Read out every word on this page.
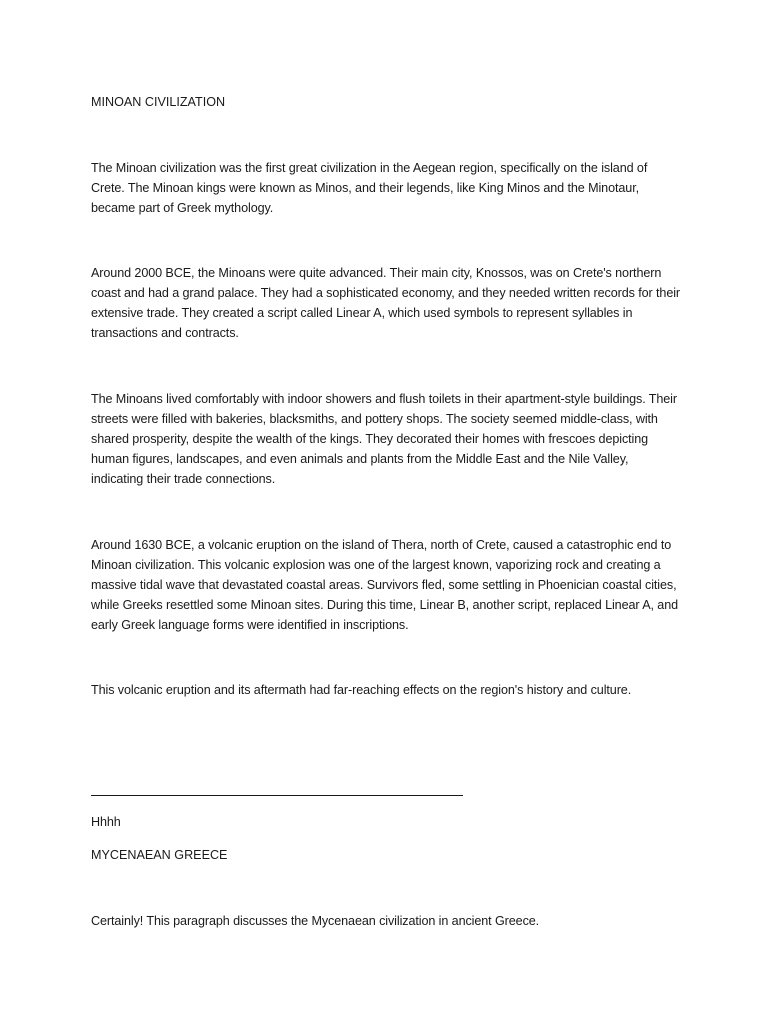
MINOAN CIVILIZATION

The Minoan civilization was the first great civilization in the Aegean region, specifically on the island of Crete. The Minoan kings were known as Minos, and their legends, like King Minos and the Minotaur, became part of Greek mythology.

Around 2000 BCE, the Minoans were quite advanced. Their main city, Knossos, was on Crete's northern coast and had a grand palace. They had a sophisticated economy, and they needed written records for their extensive trade. They created a script called Linear A, which used symbols to represent syllables in transactions and contracts.

The Minoans lived comfortably with indoor showers and flush toilets in their apartment-style buildings. Their streets were filled with bakeries, blacksmiths, and pottery shops. The society seemed middle-class, with shared prosperity, despite the wealth of the kings. They decorated their homes with frescoes depicting human figures, landscapes, and even animals and plants from the Middle East and the Nile Valley, indicating their trade connections.

Around 1630 BCE, a volcanic eruption on the island of Thera, north of Crete, caused a catastrophic end to Minoan civilization. This volcanic explosion was one of the largest known, vaporizing rock and creating a massive tidal wave that devastated coastal areas. Survivors fled, some settling in Phoenician coastal cities, while Greeks resettled some Minoan sites. During this time, Linear B, another script, replaced Linear A, and early Greek language forms were identified in inscriptions.

This volcanic eruption and its aftermath had far-reaching effects on the region's history and culture.

Hhhh

MYCENAEAN GREECE

Certainly! This paragraph discusses the Mycenaean civilization in ancient Greece.
